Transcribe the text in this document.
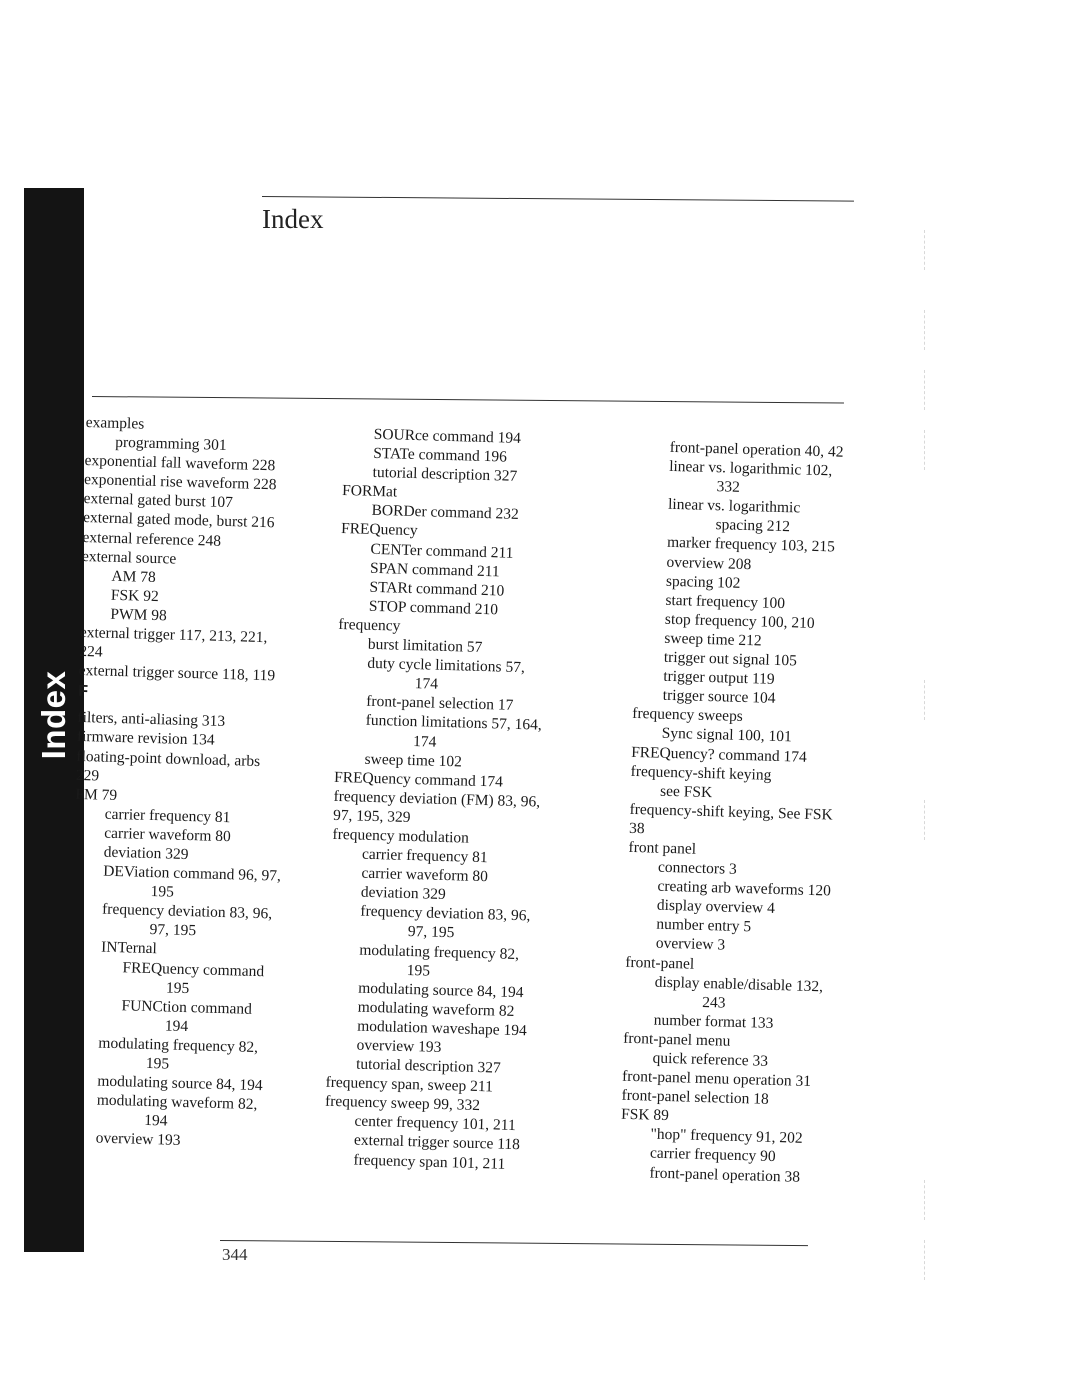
Index
Index
examples
programming 301
exponential fall waveform 228
exponential rise waveform 228
external gated burst 107
external gated mode, burst 216
external reference 248
external source
AM 78
FSK 92
PWM 98
external trigger 117, 213, 221,
224
external trigger source 118, 119
F
filters, anti-aliasing 313
firmware revision 134
floating-point download, arbs
229
FM 79
carrier frequency 81
carrier waveform 80
deviation 329
DEViation command 96, 97,
195
frequency deviation 83, 96,
97, 195
INTernal
FREQuency command
195
FUNCtion command
194
modulating frequency 82,
195
modulating source 84, 194
modulating waveform 82,
194
overview 193
SOURce command 194
STATe command 196
tutorial description 327
FORMat
BORDer command 232
FREQuency
CENTer command 211
SPAN command 211
STARt command 210
STOP command 210
frequency
burst limitation 57
duty cycle limitations 57,
174
front-panel selection 17
function limitations 57, 164,
174
sweep time 102
FREQuency command 174
frequency deviation (FM) 83, 96,
97, 195, 329
frequency modulation
carrier frequency 81
carrier waveform 80
deviation 329
frequency deviation 83, 96,
97, 195
modulating frequency 82,
195
modulating source 84, 194
modulating waveform 82
modulation waveshape 194
overview 193
tutorial description 327
frequency span, sweep 211
frequency sweep 99, 332
center frequency 101, 211
external trigger source 118
frequency span 101, 211
front-panel operation 40, 42
linear vs. logarithmic 102,
332
linear vs. logarithmic
spacing 212
marker frequency 103, 215
overview 208
spacing 102
start frequency 100
stop frequency 100, 210
sweep time 212
trigger out signal 105
trigger output 119
trigger source 104
frequency sweeps
Sync signal 100, 101
FREQuency? command 174
frequency-shift keying
see FSK
frequency-shift keying, See FSK
38
front panel
connectors 3
creating arb waveforms 120
display overview 4
number entry 5
overview 3
front-panel
display enable/disable 132,
243
number format 133
front-panel menu
quick reference 33
front-panel menu operation 31
front-panel selection 18
FSK 89
"hop" frequency 91, 202
carrier frequency 90
front-panel operation 38
344
